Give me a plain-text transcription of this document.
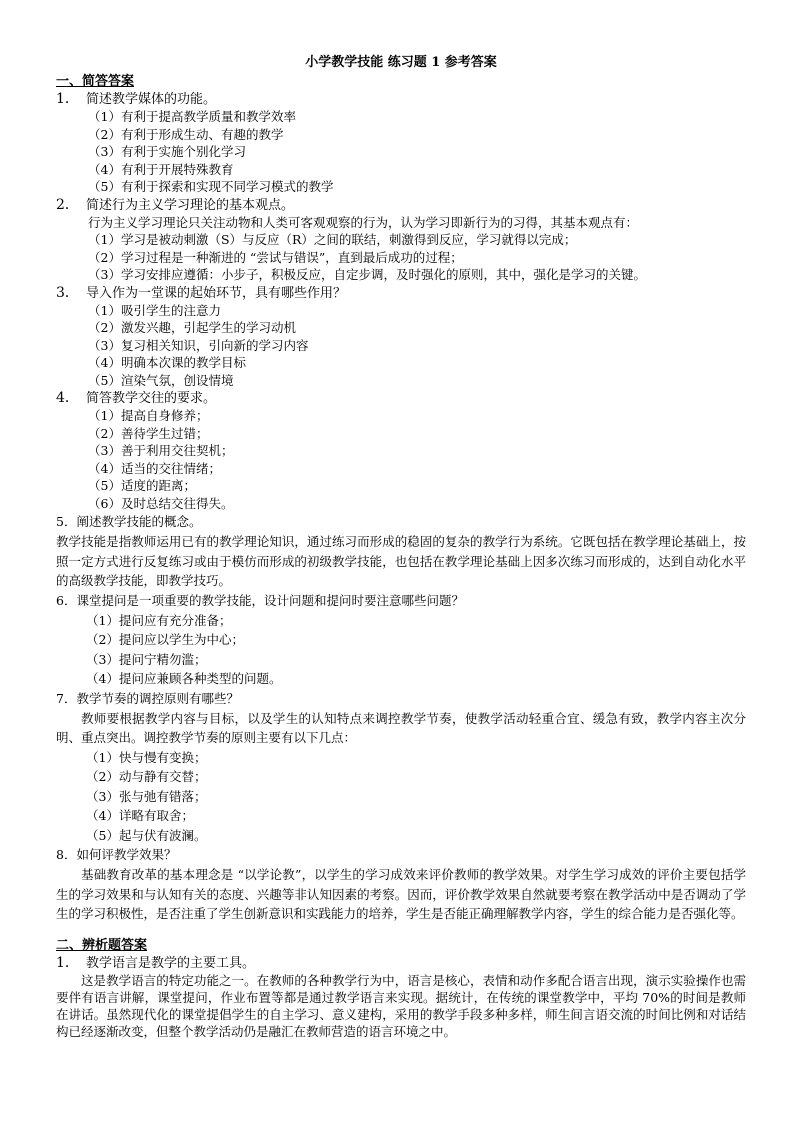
小学教学技能 练习题 1 参考答案
一、简答答案
1． 简述教学媒体的功能。
（1）有利于提高教学质量和教学效率
（2）有利于形成生动、有趣的教学
（3）有利于实施个别化学习
（4）有利于开展特殊教育
（5）有利于探索和实现不同学习模式的教学
2． 简述行为主义学习理论的基本观点。
行为主义学习理论只关注动物和人类可客观观察的行为，认为学习即新行为的习得，其基本观点有：
（1）学习是被动刺激（S）与反应（R）之间的联结，刺激得到反应，学习就得以完成；
（2）学习过程是一种渐进的 “尝试与错误”，直到最后成功的过程；
（3）学习安排应遵循：小步子，积极反应，自定步调，及时强化的原则，其中，强化是学习的关键。
3． 导入作为一堂课的起始环节，具有哪些作用？
（1）吸引学生的注意力
（2）激发兴趣，引起学生的学习动机
（3）复习相关知识，引向新的学习内容
（4）明确本次课的教学目标
（5）渲染气氛，创设情境
4． 简答教学交往的要求。
（1）提高自身修养；
（2）善待学生过错；
（3）善于利用交往契机；
（4）适当的交往情绪；
（5）适度的距离；
（6）及时总结交往得失。
5．阐述教学技能的概念。
教学技能是指教师运用已有的教学理论知识，通过练习而形成的稳固的复杂的教学行为系统。它既包括在教学理论基础上，按照一定方式进行反复练习或由于模仿而形成的初级教学技能，也包括在教学理论基础上因多次练习而形成的，达到自动化水平的高级教学技能，即教学技巧。
6．课堂提问是一项重要的教学技能，设计问题和提问时要注意哪些问题？
（1）提问应有充分准备；
（2）提问应以学生为中心；
（3）提问宁精勿滥；
（4）提问应兼顾各种类型的问题。
7．教学节奏的调控原则有哪些？
教师要根据教学内容与目标，以及学生的认知特点来调控教学节奏，使教学活动轻重合宜、缓急有致，教学内容主次分明、重点突出。调控教学节奏的原则主要有以下几点：
（1）快与慢有变换；
（2）动与静有交替；
（3）张与弛有错落；
（4）详略有取舍；
（5）起与伏有波澜。
8．如何评教学效果？
基础教育改革的基本理念是 “以学论教”，以学生的学习成效来评价教师的教学效果。对学生学习成效的评价主要包括学生的学习效果和与认知有关的态度、兴趣等非认知因素的考察。因而，评价教学效果自然就要考察在教学活动中是否调动了学生的学习积极性，是否注重了学生创新意识和实践能力的培养，学生是否能正确理解教学内容，学生的综合能力是否强化等。
二、辨析题答案
1． 教学语言是教学的主要工具。
这是教学语言的特定功能之一。在教师的各种教学行为中，语言是核心，表情和动作多配合语言出现，演示实验操作也需要伴有语言讲解，课堂提问，作业布置等都是通过教学语言来实现。据统计，在传统的课堂教学中，平均 70%的时间是教师在讲话。虽然现代化的课堂提倡学生的自主学习、意义建构，采用的教学手段多种多样，师生间言语交流的时间比例和对话结构已经逐渐改变，但整个教学活动仍是融汇在教师营造的语言环境之中。
